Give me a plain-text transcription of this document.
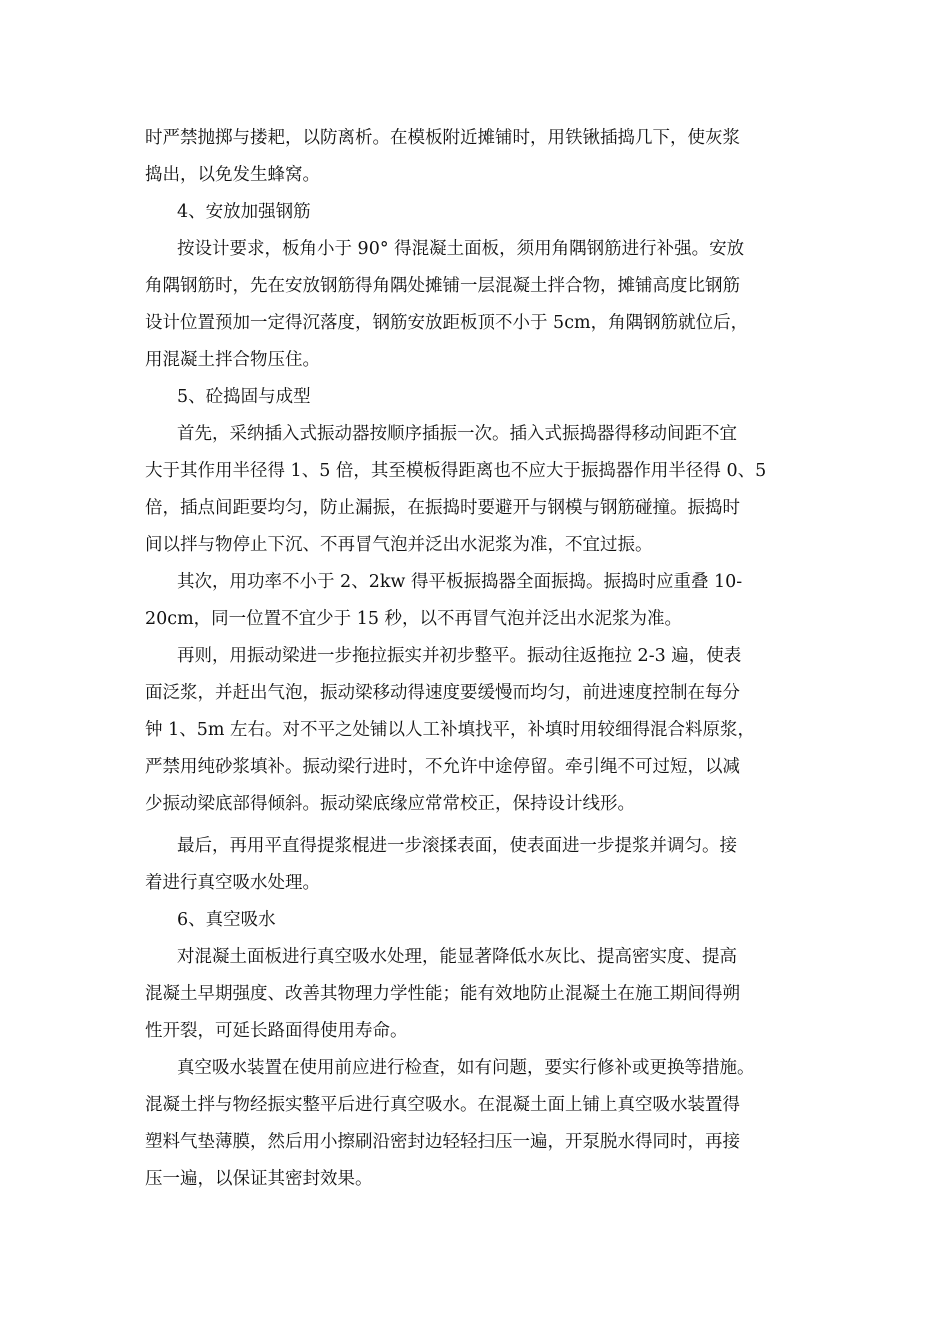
时严禁抛掷与搂耙，以防离析。在模板附近摊铺时，用铁锹插捣几下，使灰浆
捣出，以免发生蜂窝。
4、安放加强钢筋
按设计要求，板角小于 90° 得混凝土面板，须用角隅钢筋进行补强。安放
角隅钢筋时，先在安放钢筋得角隅处摊铺一层混凝土拌合物，摊铺高度比钢筋
设计位置预加一定得沉落度，钢筋安放距板顶不小于 5cm，角隅钢筋就位后，
用混凝土拌合物压住。
5、砼捣固与成型
首先，采纳插入式振动器按顺序插振一次。插入式振捣器得移动间距不宜
大于其作用半径得 1、5 倍，其至模板得距离也不应大于振捣器作用半径得 0、5
倍，插点间距要均匀，防止漏振，在振捣时要避开与钢模与钢筋碰撞。振捣时
间以拌与物停止下沉、不再冒气泡并泛出水泥浆为准，不宜过振。
其次，用功率不小于 2、2kw 得平板振捣器全面振捣。振捣时应重叠 10-
20cm，同一位置不宜少于 15 秒，以不再冒气泡并泛出水泥浆为准。
再则，用振动梁进一步拖拉振实并初步整平。振动往返拖拉 2-3 遍，使表
面泛浆，并赶出气泡，振动梁移动得速度要缓慢而均匀，前进速度控制在每分
钟 1、5m 左右。对不平之处铺以人工补填找平，补填时用较细得混合料原浆，
严禁用纯砂浆填补。振动梁行进时，不允许中途停留。牵引绳不可过短，以减
少振动梁底部得倾斜。振动梁底缘应常常校正，保持设计线形。
最后，再用平直得提浆棍进一步滚揉表面，使表面进一步提浆并调匀。接
着进行真空吸水处理。
6、真空吸水
对混凝土面板进行真空吸水处理，能显著降低水灰比、提高密实度、提高
混凝土早期强度、改善其物理力学性能；能有效地防止混凝土在施工期间得朔
性开裂，可延长路面得使用寿命。
真空吸水装置在使用前应进行检查，如有问题，要实行修补或更换等措施。
混凝土拌与物经振实整平后进行真空吸水。在混凝土面上铺上真空吸水装置得
塑料气垫薄膜，然后用小擦刷沿密封边轻轻扫压一遍，开泵脱水得同时，再接
压一遍，以保证其密封效果。
